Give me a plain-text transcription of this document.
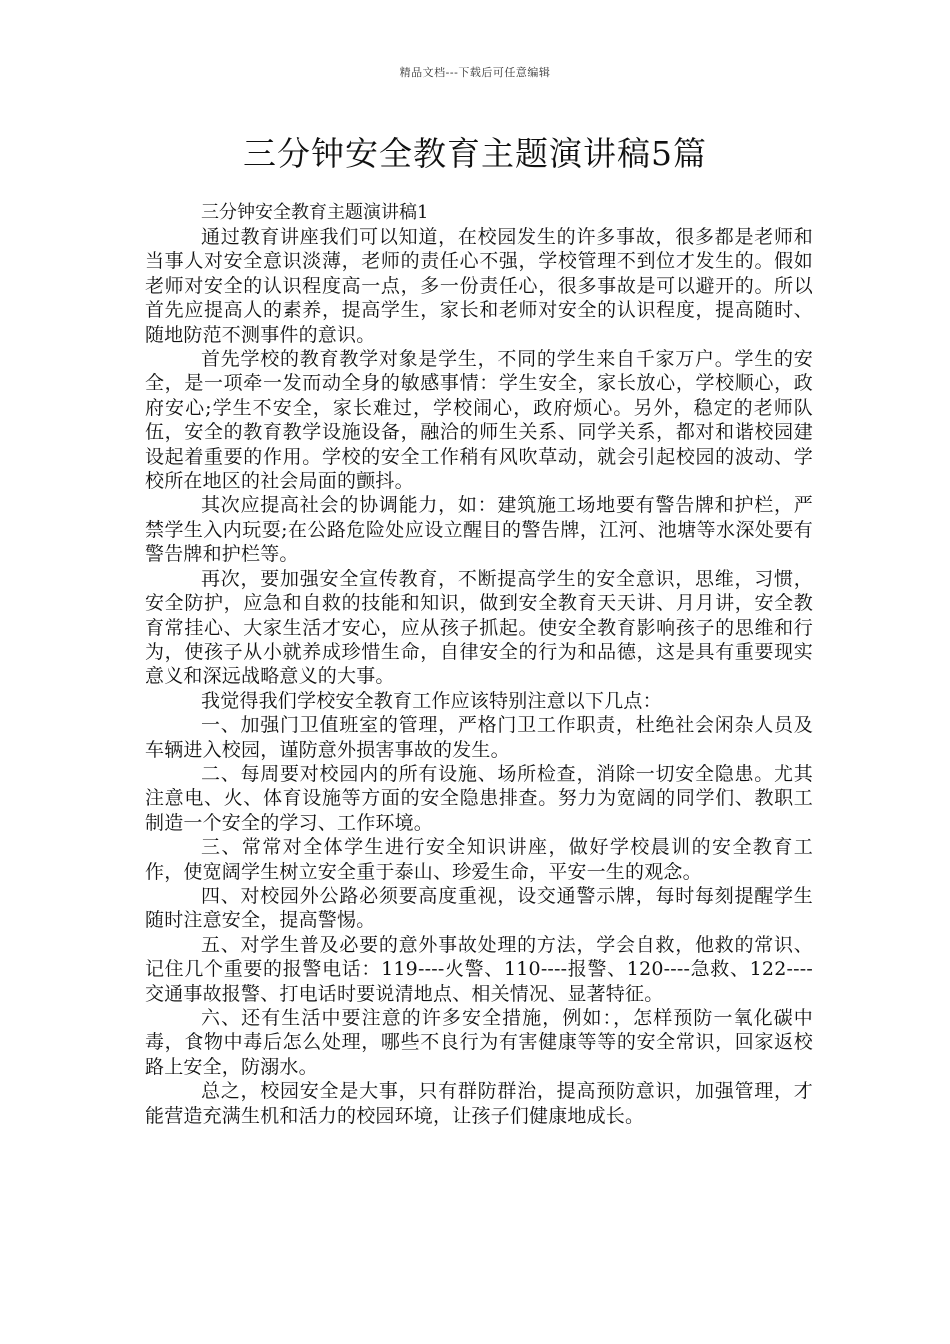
精品文档---下载后可任意编辑
三分钟安全教育主题演讲稿5篇

三分钟安全教育主题演讲稿1

通过教育讲座我们可以知道，在校园发生的许多事故，很多都是老师和当事人对安全意识淡薄，老师的责任心不强，学校管理不到位才发生的。假如老师对安全的认识程度高一点，多一份责任心，很多事故是可以避开的。所以首先应提高人的素养，提高学生，家长和老师对安全的认识程度，提高随时、随地防范不测事件的意识。

首先学校的教育教学对象是学生，不同的学生来自千家万户。学生的安全，是一项牵一发而动全身的敏感事情：学生安全，家长放心，学校顺心，政府安心;学生不安全，家长难过，学校闹心，政府烦心。另外，稳定的老师队伍，安全的教育教学设施设备，融洽的师生关系、同学关系，都对和谐校园建设起着重要的作用。学校的安全工作稍有风吹草动，就会引起校园的波动、学校所在地区的社会局面的颤抖。

其次应提高社会的协调能力，如：建筑施工场地要有警告牌和护栏，严禁学生入内玩耍;在公路危险处应设立醒目的警告牌，江河、池塘等水深处要有警告牌和护栏等。

再次，要加强安全宣传教育，不断提高学生的安全意识，思维，习惯，安全防护，应急和自救的技能和知识，做到安全教育天天讲、月月讲，安全教育常挂心、大家生活才安心，应从孩子抓起。使安全教育影响孩子的思维和行为，使孩子从小就养成珍惜生命，自律安全的行为和品德，这是具有重要现实意义和深远战略意义的大事。

我觉得我们学校安全教育工作应该特别注意以下几点：

一、加强门卫值班室的管理，严格门卫工作职责，杜绝社会闲杂人员及车辆进入校园，谨防意外损害事故的发生。

二、每周要对校园内的所有设施、场所检查，消除一切安全隐患。尤其注意电、火、体育设施等方面的安全隐患排查。努力为宽阔的同学们、教职工制造一个安全的学习、工作环境。

三、常常对全体学生进行安全知识讲座，做好学校晨训的安全教育工作，使宽阔学生树立安全重于泰山、珍爱生命，平安一生的观念。

四、对校园外公路必须要高度重视，设交通警示牌，每时每刻提醒学生随时注意安全，提高警惕。

五、对学生普及必要的意外事故处理的方法，学会自救，他救的常识、记住几个重要的报警电话：119----火警、110----报警、120----急救、122----交通事故报警、打电话时要说清地点、相关情况、显著特征。

六、还有生活中要注意的许多安全措施，例如：，怎样预防一氧化碳中毒，食物中毒后怎么处理，哪些不良行为有害健康等等的安全常识，回家返校路上安全，防溺水。

总之，校园安全是大事，只有群防群治，提高预防意识，加强管理，才能营造充满生机和活力的校园环境，让孩子们健康地成长。
